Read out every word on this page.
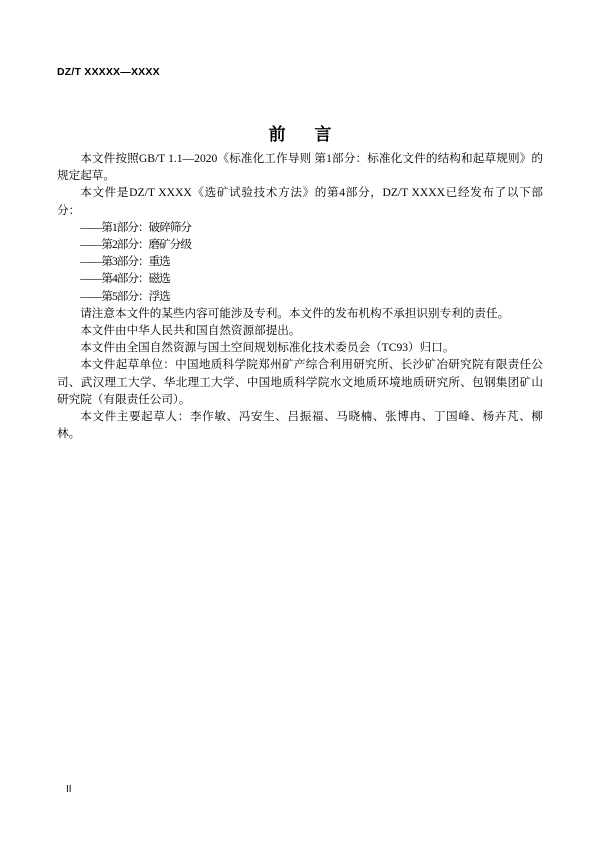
DZ/T XXXXX—XXXX
前 言

本文件按照GB/T 1.1—2020《标准化工作导则 第1部分：标准化文件的结构和起草规则》的规定起草。

本文件是DZ/T XXXX《选矿试验技术方法》的第4部分，DZ/T XXXX已经发布了以下部分：

——第1部分：破碎筛分

——第2部分：磨矿分级

——第3部分：重选

——第4部分：磁选

——第5部分：浮选

请注意本文件的某些内容可能涉及专利。本文件的发布机构不承担识别专利的责任。

本文件由中华人民共和国自然资源部提出。

本文件由全国自然资源与国土空间规划标准化技术委员会（TC93）归口。

本文件起草单位：中国地质科学院郑州矿产综合利用研究所、长沙矿冶研究院有限责任公司、武汉理工大学、华北理工大学、中国地质科学院水文地质环境地质研究所、包钢集团矿山研究院（有限责任公司）。

本文件主要起草人：李作敏、冯安生、吕振福、马晓楠、张博冉、丁国峰、杨卉芃、柳林。

II
